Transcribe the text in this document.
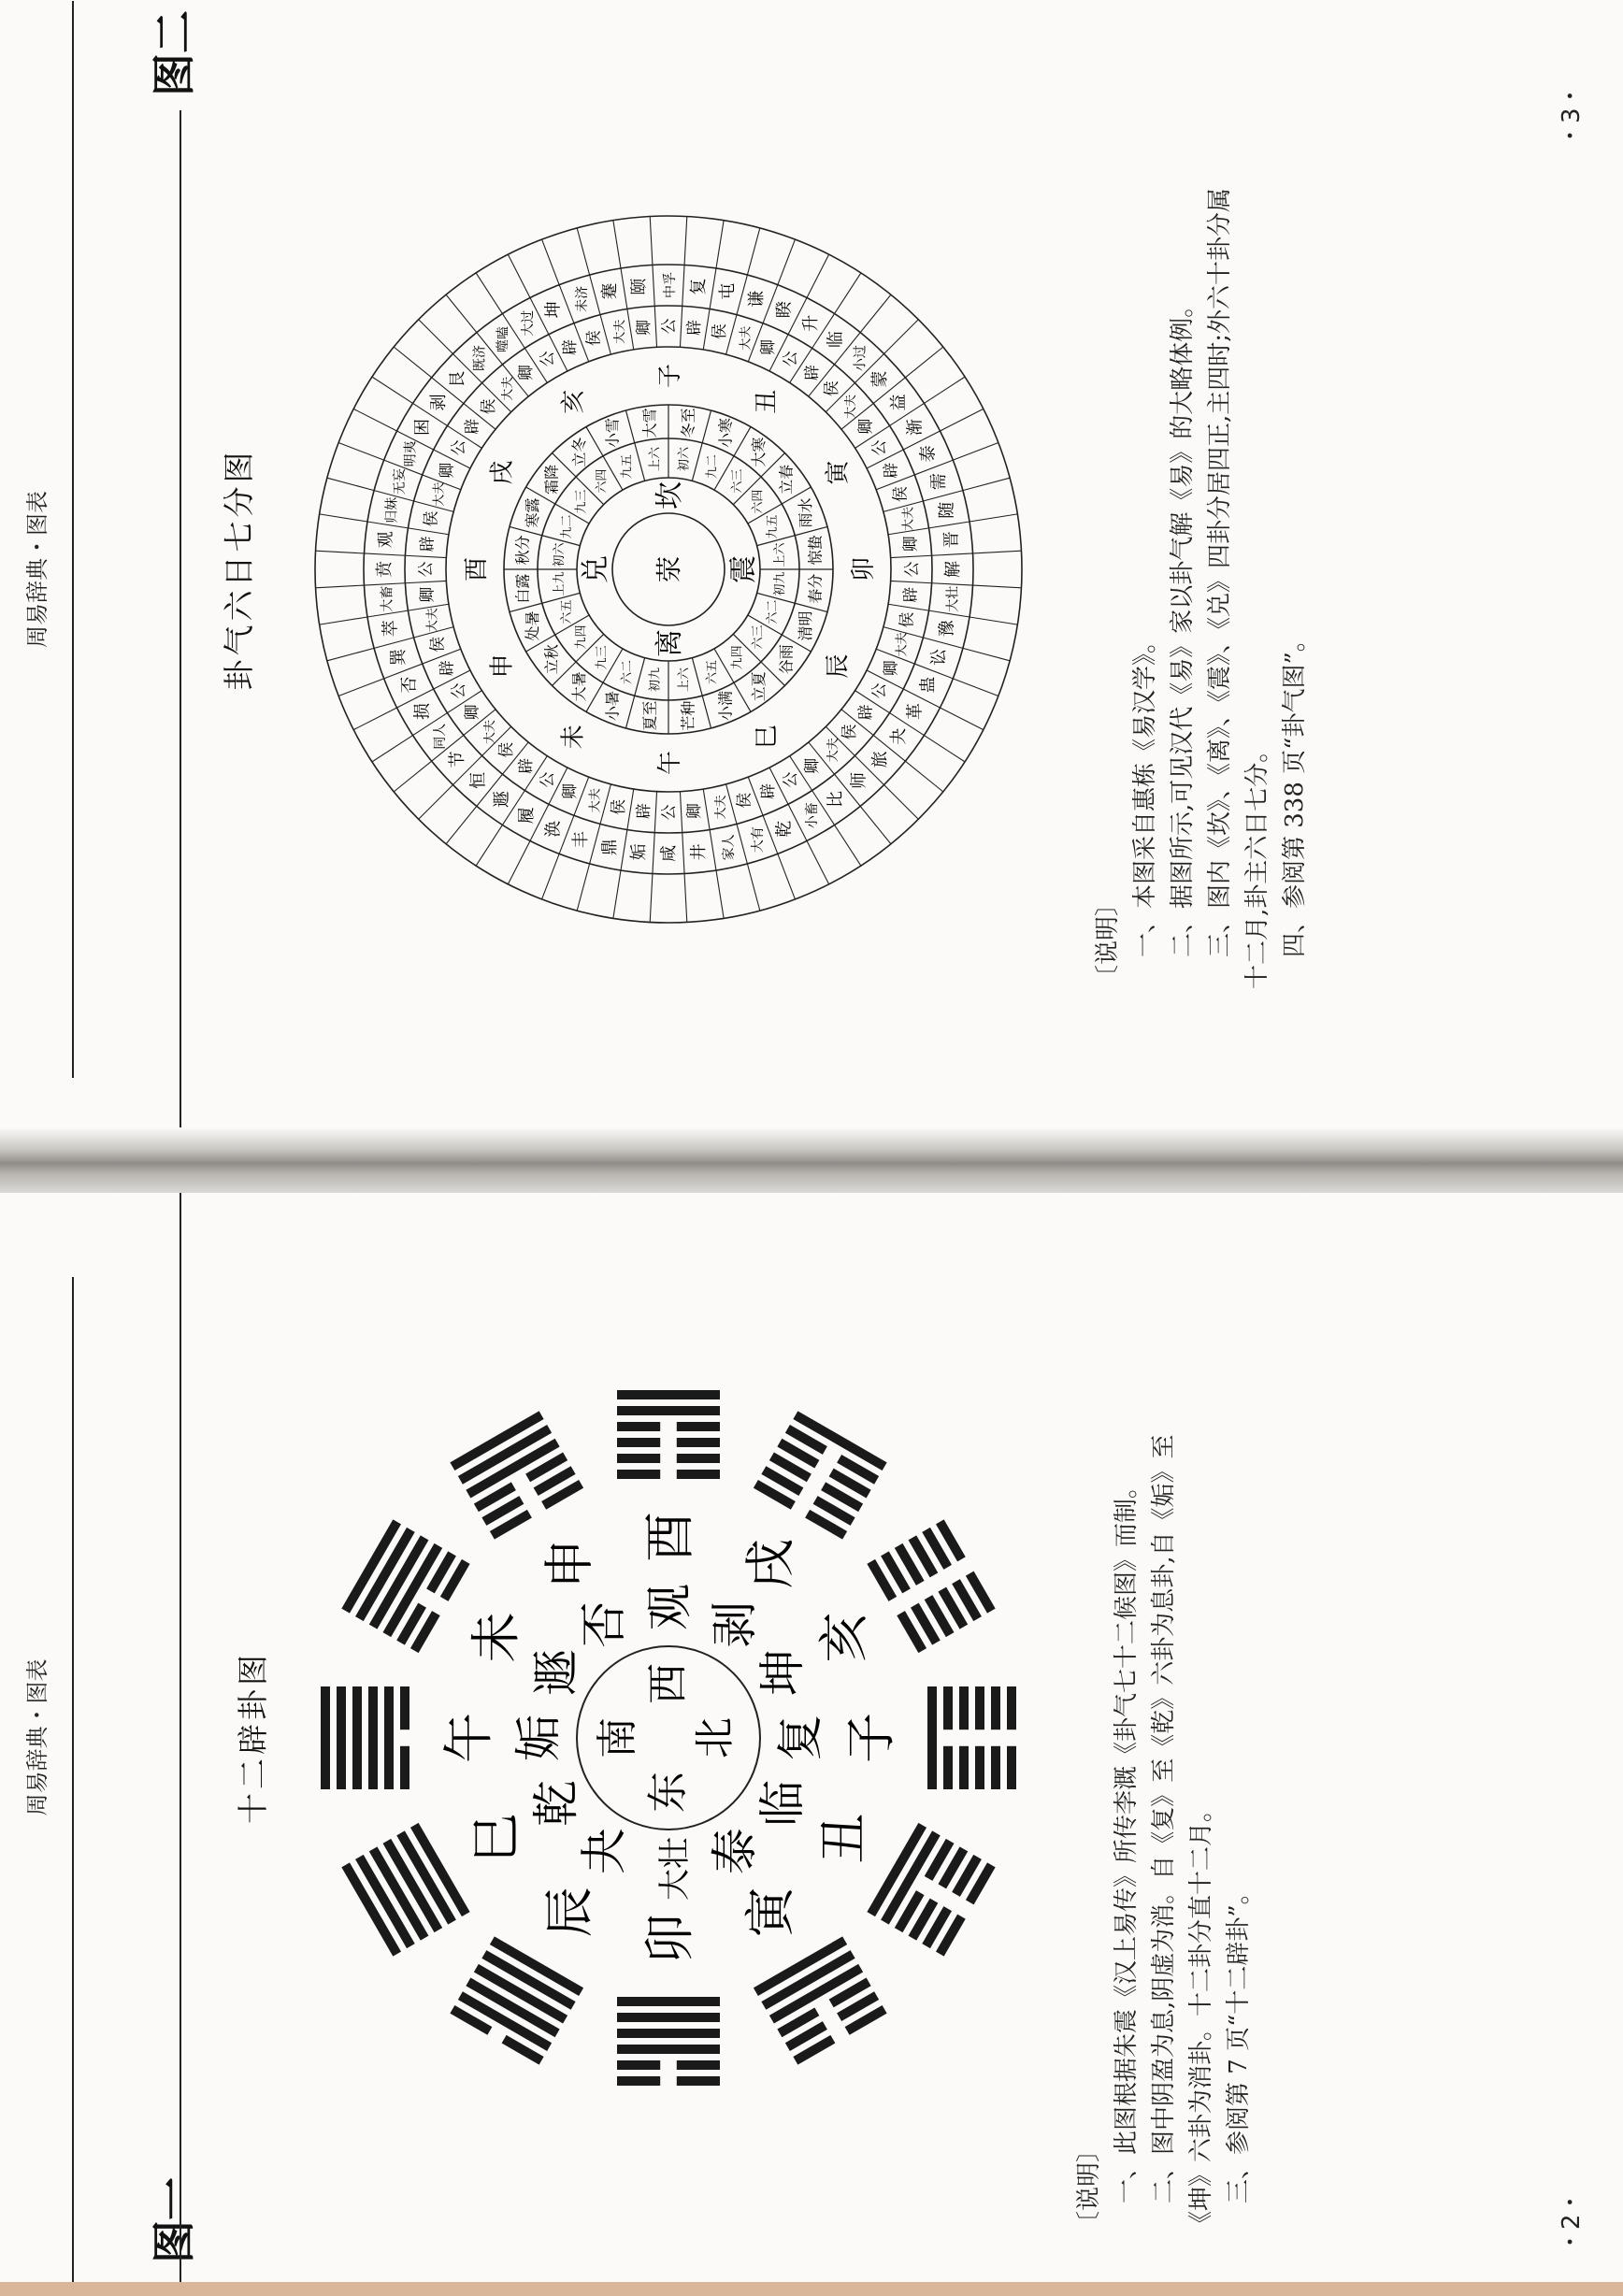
周易辞典・图表
图二
卦气六日七分图	荥
坎
震
离
兑
初六
冬至
九二
小寒
六三
大寒
六四
立春
九五 雨水
上六 惊蛰
初九 春分
六二 清明
六三
谷雨
九四
立夏
六五
小满
上六
芒种
初九
夏至
六二
小暑
九三
大暑
九四
立秋
六五
处暑
上九
白露
初六
秋分
九二
寒露	九三
霜降	六四
立冬	九五
小雪
上六
大雪
子
丑
寅
卯
辰
巳
午
未
申
酉
戌
亥
公
中孚
辟
复
侯
屯
大夫
谦
卿
睽
公
升
辟
临
侯
小过
大夫
蒙
卿
益
公
渐
辟
泰
侯
需
大夫 随
卿 晋
公 解
辟 大壮
侯
豫
大夫
讼
卿
蛊
公
革
辟
夬
侯
旅
大夫
师
卿
比
公
小畜
辟
乾
侯
大有
大夫
家人
卿
井
公
咸
辟
姤
侯
鼎
大夫
丰
卿
涣
公
履
辟
遯
侯
恒
大夫
节
卿
同人
公
损
辟
否
侯
巽
大夫
萃
卿
大畜
公
贲
辟
观
侯
归妹
大夫
无妄 卿
明夷 公
困 辟
剥 侯
艮	大夫
既济
卿
噬嗑
公
大过
辟
坤
侯
未济
大夫
蹇
卿
颐
〔说明〕 一、本图采自惠栋《易汉学》。 二、据图所示,可见汉代《易》家以卦气解《易》的大略体例。 三、图内《坎》、《离》、《震》、《兑》四卦分居四正,主四时;外六十卦分属 十二月,卦主六日七分。 四、参阅第 338 页“卦气图”。
・3・
周易辞典・图表
图一
十二辟卦图	南
东
西
北 复 子
临
丑
泰
寅
大壮
卯
夬
辰
乾
巳
姤
午
遯
未 否
申
观
酉
剥
戌
坤
亥
〔说明〕 一、此图根据朱震《汉上易传》所传李溉《卦气七十二候图》而制。 二、图中阴盈为息,阴虚为消。自《复》至《乾》六卦为息卦,自《姤》至 《坤》六卦为消卦。十二卦分直十二月。 三、参阅第 7 页“十二辟卦”。
・2・
